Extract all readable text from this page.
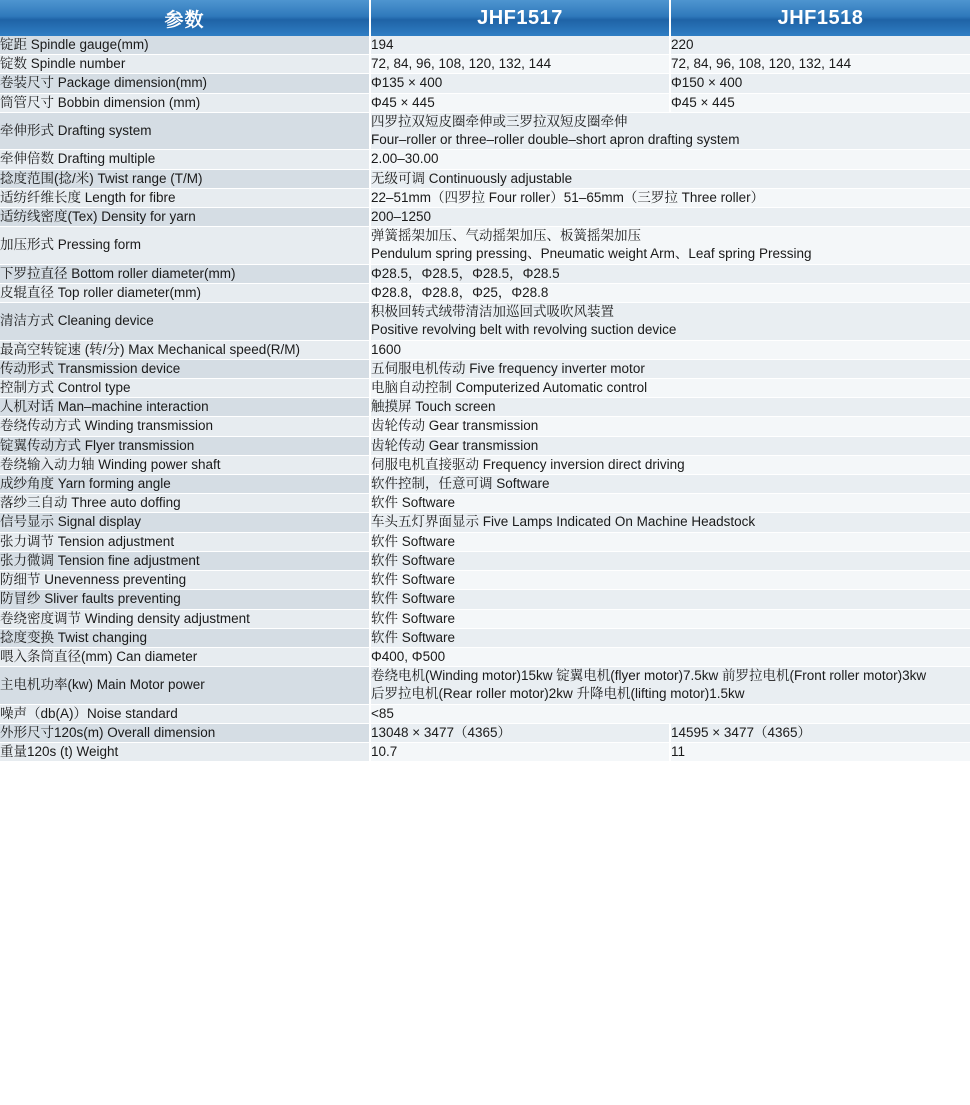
参数	JHF1517	JHF1518
锭距 Spindle gauge(mm)	194	220
锭数 Spindle number	72, 84, 96, 108, 120, 132, 144	72, 84, 96, 108, 120, 132, 144
卷装尺寸 Package dimension(mm)	Φ135 × 400	Φ150 × 400
筒管尺寸 Bobbin dimension (mm)	Φ45 × 445	Φ45 × 445
牵伸形式 Drafting system	四罗拉双短皮圈牵伸或三罗拉双短皮圈牵伸
Four–roller or three–roller double–short apron drafting system	

牵伸倍数 Drafting multiple	2.00–30.00	
捻度范围(捻/米) Twist range (T/M)	无级可调 Continuously adjustable	
适纺纤维长度 Length for fibre	22–51mm（四罗拉 Four roller）51–65mm（三罗拉 Three roller）	
适纺线密度(Tex) Density for yarn	200–1250	
加压形式 Pressing form	弹簧摇架加压、气动摇架加压、板簧摇架加压
Pendulum spring pressing、Pneumatic weight Arm、Leaf spring Pressing	

下罗拉直径 Bottom roller diameter(mm)	Φ28.5，Φ28.5，Φ28.5，Φ28.5	
皮辊直径 Top roller diameter(mm)	Φ28.8，Φ28.8，Φ25，Φ28.8	
清洁方式 Cleaning device	积极回转式绒带清洁加巡回式吸吹风装置
Positive revolving belt with revolving suction device	

最高空转锭速 (转/分) Max Mechanical speed(R/M)	1600	
传动形式 Transmission device	五伺服电机传动 Five frequency inverter motor	
控制方式 Control type	电脑自动控制 Computerized Automatic control	
人机对话 Man–machine interaction	触摸屏 Touch screen	
卷绕传动方式 Winding transmission	齿轮传动 Gear transmission	
锭翼传动方式 Flyer transmission	齿轮传动 Gear transmission	
卷绕输入动力轴 Winding power shaft	伺服电机直接驱动 Frequency inversion direct driving	
成纱角度 Yarn forming angle	软件控制，任意可调 Software	
落纱三自动 Three auto doffing	软件 Software	
信号显示 Signal display	车头五灯界面显示 Five Lamps Indicated On Machine Headstock	
张力调节 Tension adjustment	软件 Software	
张力微调 Tension fine adjustment	软件 Software	
防细节 Unevenness preventing	软件 Software	
防冒纱 Sliver faults preventing	软件 Software	
卷绕密度调节 Winding density adjustment	软件 Software	
捻度变换 Twist changing	软件 Software	
喂入条筒直径(mm) Can diameter	Φ400, Φ500	
主电机功率(kw) Main Motor power	卷绕电机(Winding motor)15kw 锭翼电机(flyer motor)7.5kw 前罗拉电机(Front roller motor)3kw
后罗拉电机(Rear roller motor)2kw 升降电机(lifting motor)1.5kw	

噪声（db(A)）Noise standard	<85	
外形尺寸120s(m) Overall dimension	13048 × 3477（4365）	14595 × 3477（4365）
重量120s (t) Weight	10.7	11
